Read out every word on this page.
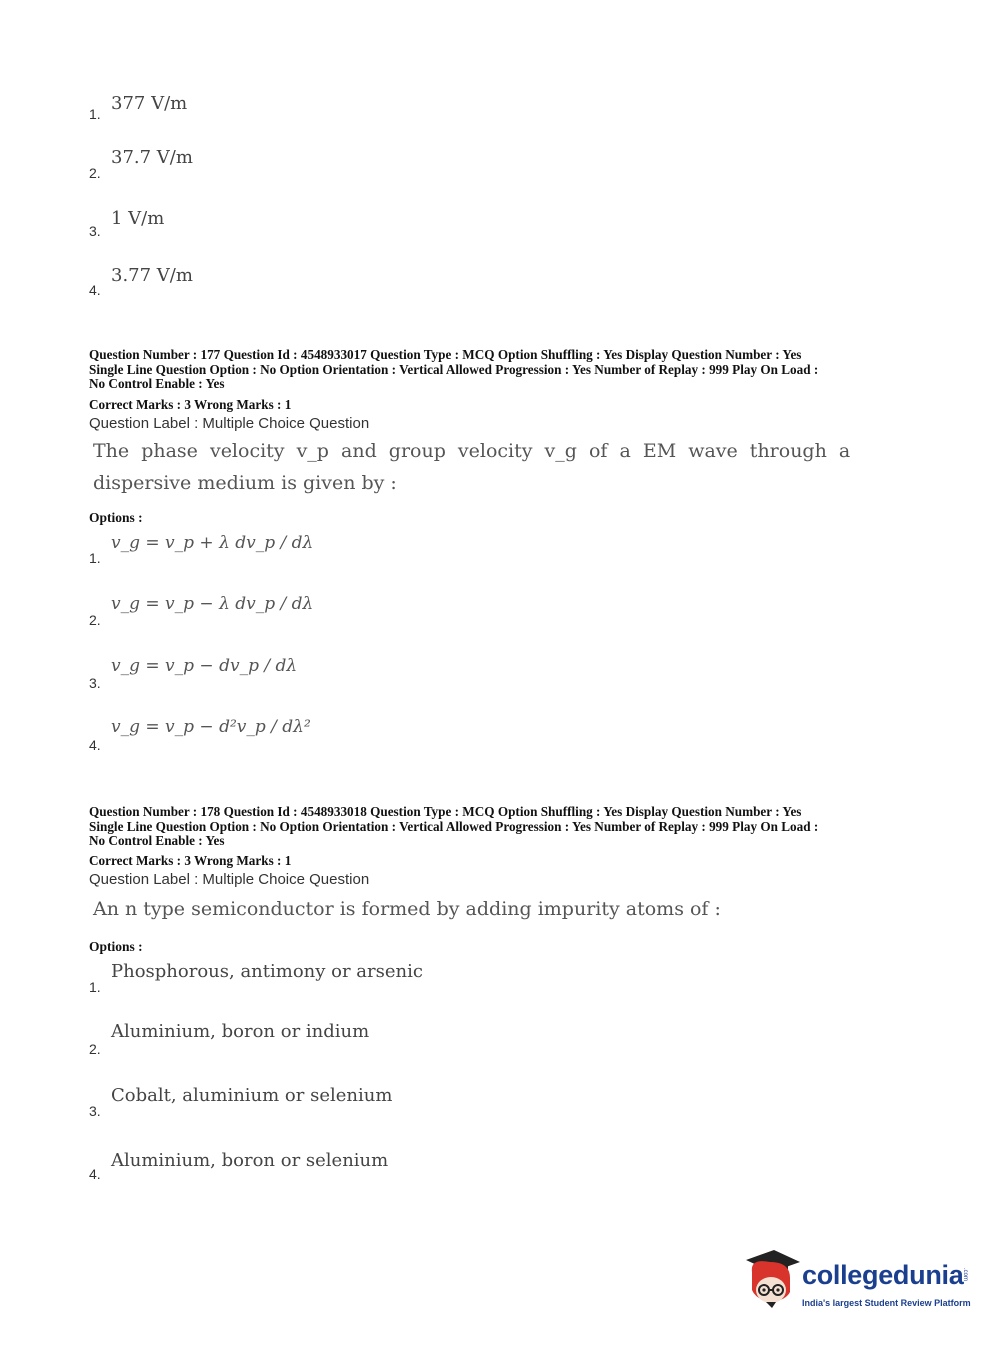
1. 377 V/m
2.
37.7 V/m
3.
1 V/m
4.
3.77 V/m
Question Number : 177 Question Id : 4548933017 Question Type : MCQ Option Shuffling : Yes Display Question Number : Yes
Single Line Question Option : No Option Orientation : Vertical Allowed Progression : Yes Number of Replay : 999 Play On Load :
No Control Enable : Yes
Correct Marks : 3 Wrong Marks : 1
Question Label : Multiple Choice Question
The phase velocity v_p and group velocity v_g of a EM wave through a
dispersive medium is given by :
Options :
1.
v_g = v_p + λ dv_p / dλ
2.
v_g = v_p − λ dv_p / dλ
3.
v_g = v_p − dv_p / dλ
4.
v_g = v_p − d²v_p / dλ²
Question Number : 178 Question Id : 4548933018 Question Type : MCQ Option Shuffling : Yes Display Question Number : Yes
Single Line Question Option : No Option Orientation : Vertical Allowed Progression : Yes Number of Replay : 999 Play On Load :
No Control Enable : Yes
Correct Marks : 3 Wrong Marks : 1
Question Label : Multiple Choice Question
An n type semiconductor is formed by adding impurity atoms of :
Options :
1.
Phosphorous, antimony or arsenic
2.
Aluminium, boron or indium
3.
Cobalt, aluminium or selenium
4.
Aluminium, boron or selenium
collegedunia
.com
India's largest Student Review Platform
